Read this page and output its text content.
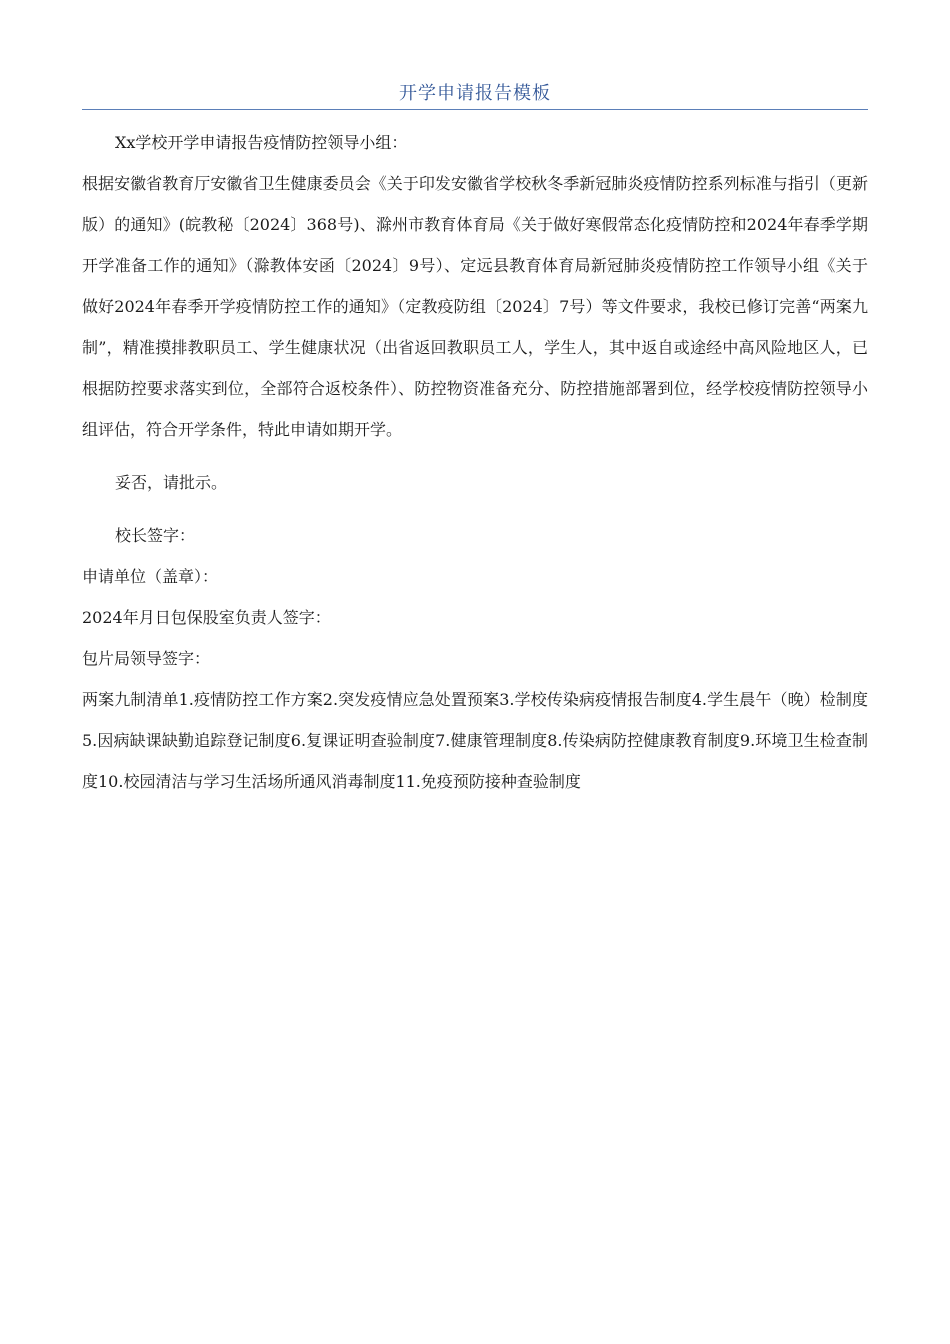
开学申请报告模板

Xx学校开学申请报告疫情防控领导小组：

根据安徽省教育厅安徽省卫生健康委员会《关于印发安徽省学校秋冬季新冠肺炎疫情防控系列标准与指引（更新版）的通知》(皖教秘〔2024〕368号)、滁州市教育体育局《关于做好寒假常态化疫情防控和2024年春季学期开学准备工作的通知》（滁教体安函〔2024〕9号）、定远县教育体育局新冠肺炎疫情防控工作领导小组《关于做好2024年春季开学疫情防控工作的通知》（定教疫防组〔2024〕7号）等文件要求，我校已修订完善“两案九制”，精准摸排教职员工、学生健康状况（出省返回教职员工人，学生人，其中返自或途经中高风险地区人，已根据防控要求落实到位，全部符合返校条件）、防控物资准备充分、防控措施部署到位，经学校疫情防控领导小组评估，符合开学条件，特此申请如期开学。

妥否，请批示。

校长签字：

申请单位（盖章）：

2024年月日包保股室负责人签字：

包片局领导签字：

两案九制清单1.疫情防控工作方案2.突发疫情应急处置预案3.学校传染病疫情报告制度4.学生晨午（晚）检制度5.因病缺课缺勤追踪登记制度6.复课证明查验制度7.健康管理制度8.传染病防控健康教育制度9.环境卫生检查制度10.校园清洁与学习生活场所通风消毒制度11.免疫预防接种查验制度
